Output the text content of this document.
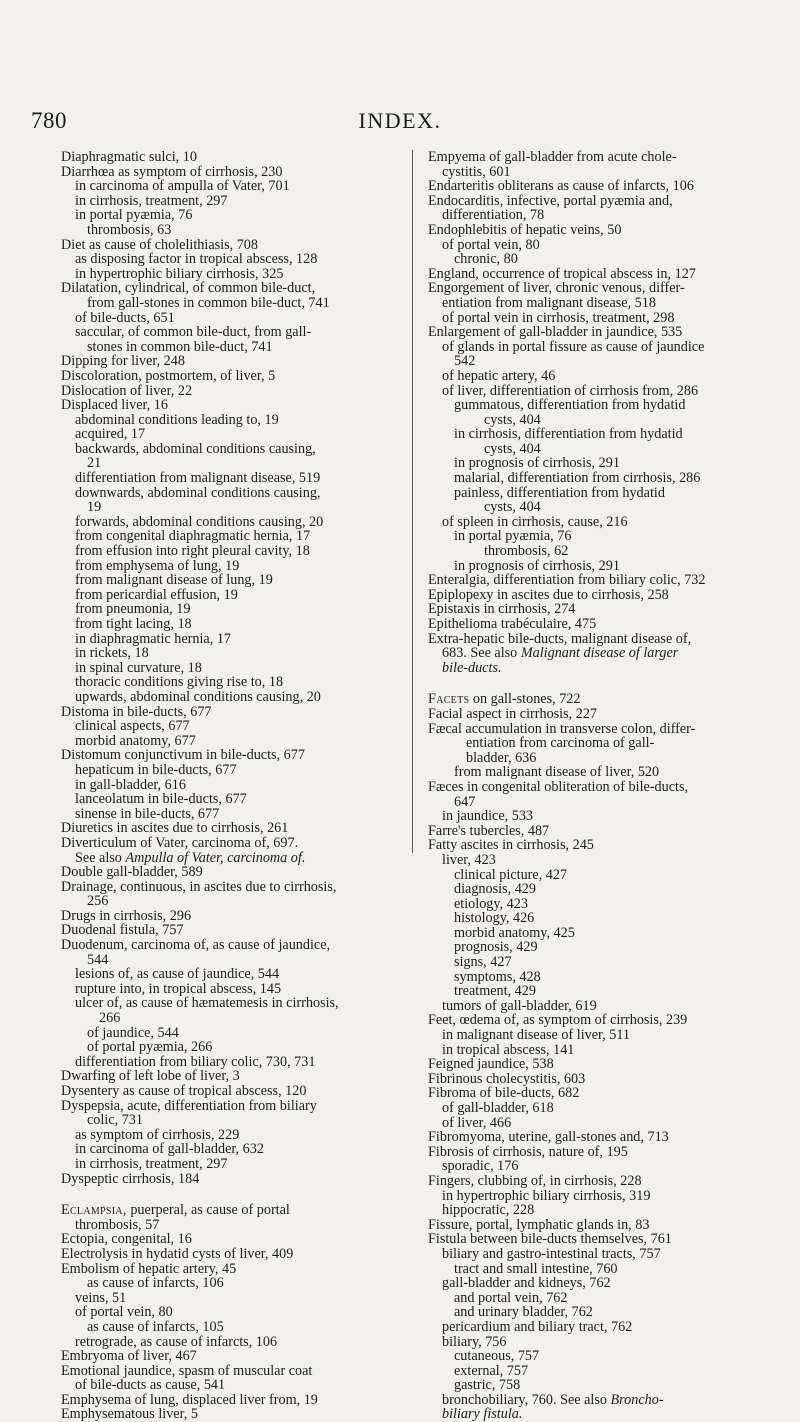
780	INDEX.
Diaphragmatic sulci, 10
Diarrhœa as symptom of cirrhosis, 230
in carcinoma of ampulla of Vater, 701
in cirrhosis, treatment, 297
in portal pyæmia, 76
thrombosis, 63
Diet as cause of cholelithiasis, 708
as disposing factor in tropical abscess, 128
in hypertrophic biliary cirrhosis, 325
Dilatation, cylindrical, of common bile-duct,
from gall-stones in common bile-duct, 741
of bile-ducts, 651
saccular, of common bile-duct, from gall-
stones in common bile-duct, 741
Dipping for liver, 248
Discoloration, postmortem, of liver, 5
Dislocation of liver, 22
Displaced liver, 16
abdominal conditions leading to, 19
acquired, 17
backwards, abdominal conditions causing,
21
differentiation from malignant disease, 519
downwards, abdominal conditions causing,
19
forwards, abdominal conditions causing, 20
from congenital diaphragmatic hernia, 17
from effusion into right pleural cavity, 18
from emphysema of lung, 19
from malignant disease of lung, 19
from pericardial effusion, 19
from pneumonia, 19
from tight lacing, 18
in diaphragmatic hernia, 17
in rickets, 18
in spinal curvature, 18
thoracic conditions giving rise to, 18
upwards, abdominal conditions causing, 20
Distoma in bile-ducts, 677
clinical aspects, 677
morbid anatomy, 677
Distomum conjunctivum in bile-ducts, 677
hepaticum in bile-ducts, 677
in gall-bladder, 616
lanceolatum in bile-ducts, 677
sinense in bile-ducts, 677
Diuretics in ascites due to cirrhosis, 261
Diverticulum of Vater, carcinoma of, 697.
See also Ampulla of Vater, carcinoma of.
Double gall-bladder, 589
Drainage, continuous, in ascites due to cirrhosis,
256
Drugs in cirrhosis, 296
Duodenal fistula, 757
Duodenum, carcinoma of, as cause of jaundice,
544
lesions of, as cause of jaundice, 544
rupture into, in tropical abscess, 145
ulcer of, as cause of hæmatemesis in cirrhosis,
266
of jaundice, 544
of portal pyæmia, 266
differentiation from biliary colic, 730, 731
Dwarfing of left lobe of liver, 3
Dysentery as cause of tropical abscess, 120
Dyspepsia, acute, differentiation from biliary
colic, 731
as symptom of cirrhosis, 229
in carcinoma of gall-bladder, 632
in cirrhosis, treatment, 297
Dyspeptic cirrhosis, 184
Eclampsia, puerperal, as cause of portal
thrombosis, 57
Ectopia, congenital, 16
Electrolysis in hydatid cysts of liver, 409
Embolism of hepatic artery, 45
as cause of infarcts, 106
veins, 51
of portal vein, 80
as cause of infarcts, 105
retrograde, as cause of infarcts, 106
Embryoma of liver, 467
Emotional jaundice, spasm of muscular coat
of bile-ducts as cause, 541
Emphysema of lung, displaced liver from, 19
Emphysematous liver, 5
Empyema of gall-bladder from acute chole-
cystitis, 601
Endarteritis obliterans as cause of infarcts, 106
Endocarditis, infective, portal pyæmia and,
differentiation, 78
Endophlebitis of hepatic veins, 50
of portal vein, 80
chronic, 80
England, occurrence of tropical abscess in, 127
Engorgement of liver, chronic venous, differ-
entiation from malignant disease, 518
of portal vein in cirrhosis, treatment, 298
Enlargement of gall-bladder in jaundice, 535
of glands in portal fissure as cause of jaundice
542
of hepatic artery, 46
of liver, differentiation of cirrhosis from, 286
gummatous, differentiation from hydatid
cysts, 404
in cirrhosis, differentiation from hydatid
cysts, 404
in prognosis of cirrhosis, 291
malarial, differentiation from cirrhosis, 286
painless, differentiation from hydatid
cysts, 404
of spleen in cirrhosis, cause, 216
in portal pyæmia, 76
thrombosis, 62
in prognosis of cirrhosis, 291
Enteralgia, differentiation from biliary colic, 732
Epiplopexy in ascites due to cirrhosis, 258
Epistaxis in cirrhosis, 274
Epithelioma trabéculaire, 475
Extra-hepatic bile-ducts, malignant disease of,
683. See also Malignant disease of larger
bile-ducts.
Facets on gall-stones, 722
Facial aspect in cirrhosis, 227
Fæcal accumulation in transverse colon, differ-
entiation from carcinoma of gall-
bladder, 636
from malignant disease of liver, 520
Fæces in congenital obliteration of bile-ducts,
647
in jaundice, 533
Farre's tubercles, 487
Fatty ascites in cirrhosis, 245
liver, 423
clinical picture, 427
diagnosis, 429
etiology, 423
histology, 426
morbid anatomy, 425
prognosis, 429
signs, 427
symptoms, 428
treatment, 429
tumors of gall-bladder, 619
Feet, œdema of, as symptom of cirrhosis, 239
in malignant disease of liver, 511
in tropical abscess, 141
Feigned jaundice, 538
Fibrinous cholecystitis, 603
Fibroma of bile-ducts, 682
of gall-bladder, 618
of liver, 466
Fibromyoma, uterine, gall-stones and, 713
Fibrosis of cirrhosis, nature of, 195
sporadic, 176
Fingers, clubbing of, in cirrhosis, 228
in hypertrophic biliary cirrhosis, 319
hippocratic, 228
Fissure, portal, lymphatic glands in, 83
Fistula between bile-ducts themselves, 761
biliary and gastro-intestinal tracts, 757
tract and small intestine, 760
gall-bladder and kidneys, 762
and portal vein, 762
and urinary bladder, 762
pericardium and biliary tract, 762
biliary, 756
cutaneous, 757
external, 757
gastric, 758
bronchobiliary, 760. See also Broncho-
biliary fistula.
